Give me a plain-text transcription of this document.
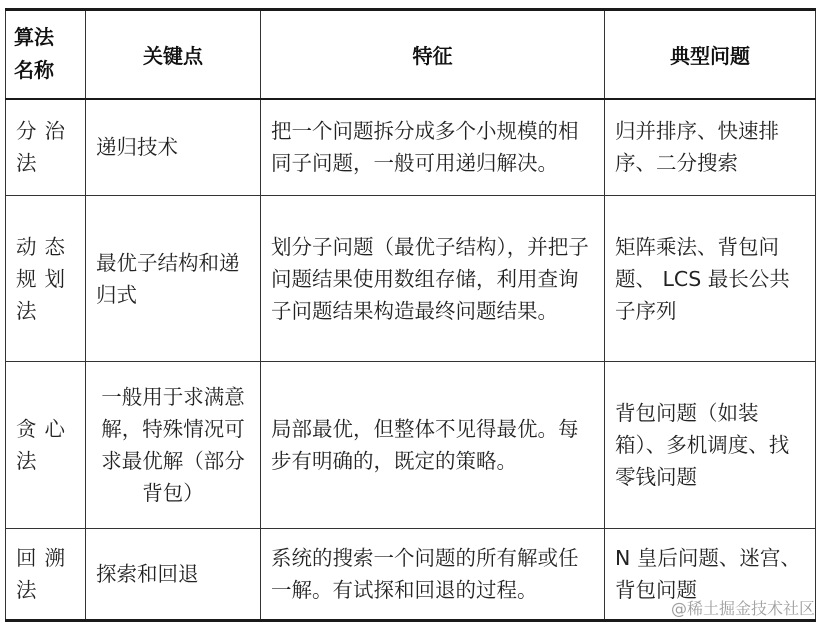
算法
名称	关键点	特征	典型问题
分治
法	递归技术	把一个问题拆分成多个小规模的相同子问题，一般可用递归解决。	归并排序、快速排序、二分搜索
动态
规划
法	最优子结构和递归式	划分子问题（最优子结构），并把子问题结果使用数组存储，利用查询子问题结果构造最终问题结果。	矩阵乘法、背包问题、 LCS 最长公共子序列
贪心
法	一般用于求满意解，特殊情况可求最优解（部分背包）	局部最优，但整体不见得最优。每步有明确的，既定的策略。	背包问题（如装箱）、多机调度、找零钱问题
回溯
法	探索和回退	系统的搜索一个问题的所有解或任一解。有试探和回退的过程。	N 皇后问题、迷宫、背包问题
@稀土掘金技术社区
